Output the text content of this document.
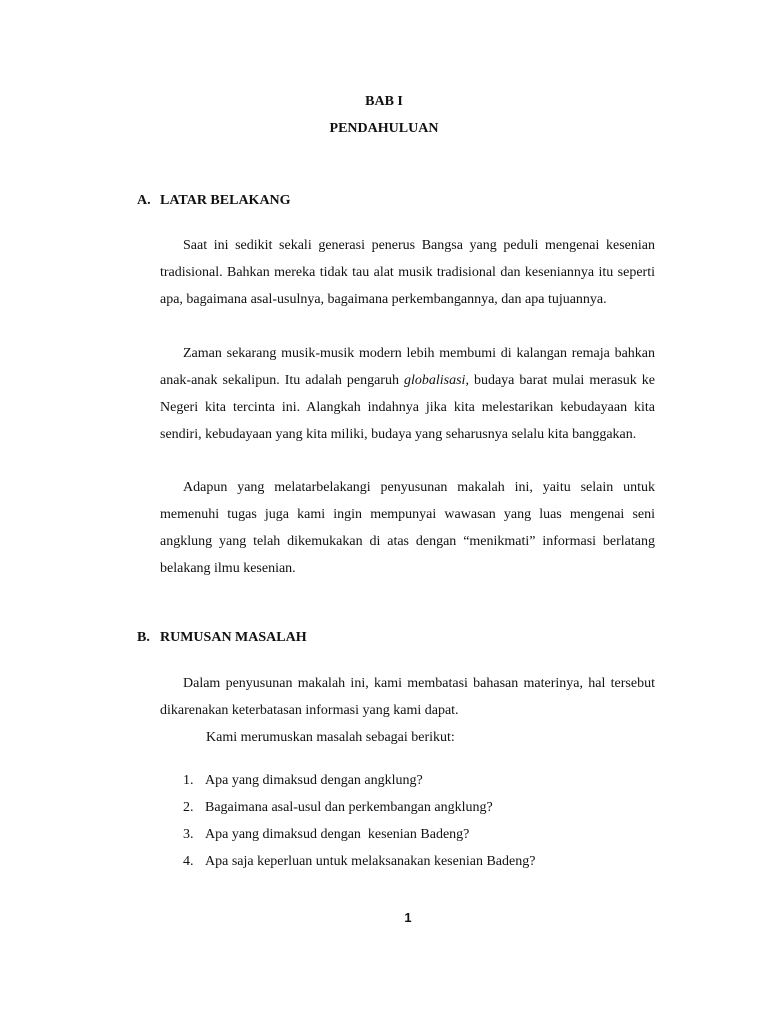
BAB I
PENDAHULUAN
A. LATAR BELAKANG

Saat ini sedikit sekali generasi penerus Bangsa yang peduli mengenai kesenian tradisional. Bahkan mereka tidak tau alat musik tradisional dan keseniannya itu seperti apa, bagaimana asal-usulnya, bagaimana perkembangannya, dan apa tujuannya.

Zaman sekarang musik-musik modern lebih membumi di kalangan remaja bahkan anak-anak sekalipun. Itu adalah pengaruh globalisasi, budaya barat mulai merasuk ke Negeri kita tercinta ini. Alangkah indahnya jika kita melestarikan kebudayaan kita sendiri, kebudayaan yang kita miliki, budaya yang seharusnya selalu kita banggakan.

Adapun yang melatarbelakangi penyusunan makalah ini, yaitu selain untuk memenuhi tugas juga kami ingin mempunyai wawasan yang luas mengenai seni angklung yang telah dikemukakan di atas dengan “menikmati” informasi berlatang belakang ilmu kesenian.

B. RUMUSAN MASALAH

Dalam penyusunan makalah ini, kami membatasi bahasan materinya, hal tersebut dikarenakan keterbatasan informasi yang kami dapat.

Kami merumuskan masalah sebagai berikut:

1. Apa yang dimaksud dengan angklung?
2. Bagaimana asal-usul dan perkembangan angklung?
3. Apa yang dimaksud dengan  kesenian Badeng?
4. Apa saja keperluan untuk melaksanakan kesenian Badeng?
1
